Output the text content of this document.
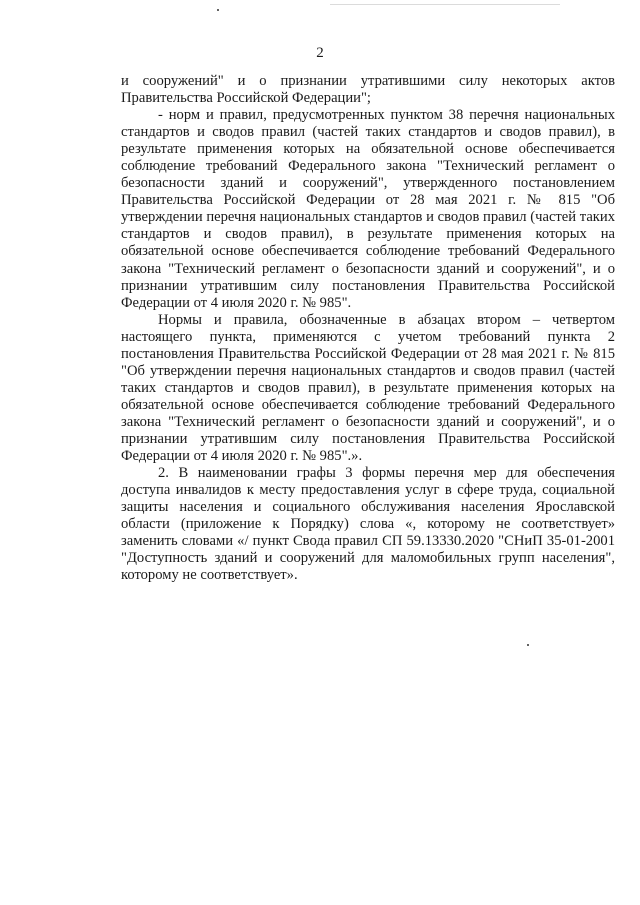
2

и сооружений" и о признании утратившими силу некоторых актов Правительства Российской Федерации";

- норм и правил, предусмотренных пунктом 38 перечня национальных стандартов и сводов правил (частей таких стандартов и сводов правил), в результате применения которых на обязательной основе обеспечивается соблюдение требований Федерального закона "Технический регламент о безопасности зданий и сооружений", утвержденного постановлением Правительства Российской Федерации от 28 мая 2021 г. № 815 "Об утверждении перечня национальных стандартов и сводов правил (частей таких стандартов и сводов правил), в результате применения которых на обязательной основе обеспечивается соблюдение требований Федерального закона "Технический регламент о безопасности зданий и сооружений", и о признании утратившим силу постановления Правительства Российской Федерации от 4 июля 2020 г. № 985".

Нормы и правила, обозначенные в абзацах втором – четвертом настоящего пункта, применяются с учетом требований пункта 2 постановления Правительства Российской Федерации от 28 мая 2021 г. № 815 "Об утверждении перечня национальных стандартов и сводов правил (частей таких стандартов и сводов правил), в результате применения которых на обязательной основе обеспечивается соблюдение требований Федерального закона "Технический регламент о безопасности зданий и сооружений", и о признании утратившим силу постановления Правительства Российской Федерации от 4 июля 2020 г. № 985".».

2. В наименовании графы 3 формы перечня мер для обеспечения доступа инвалидов к месту предоставления услуг в сфере труда, социальной защиты населения и социального обслуживания населения Ярославской области (приложение к Порядку) слова «, которому не соответствует» заменить словами «/ пункт Свода правил СП 59.13330.2020 "СНиП 35-01-2001 "Доступность зданий и сооружений для маломобильных групп населения", которому не соответствует».
